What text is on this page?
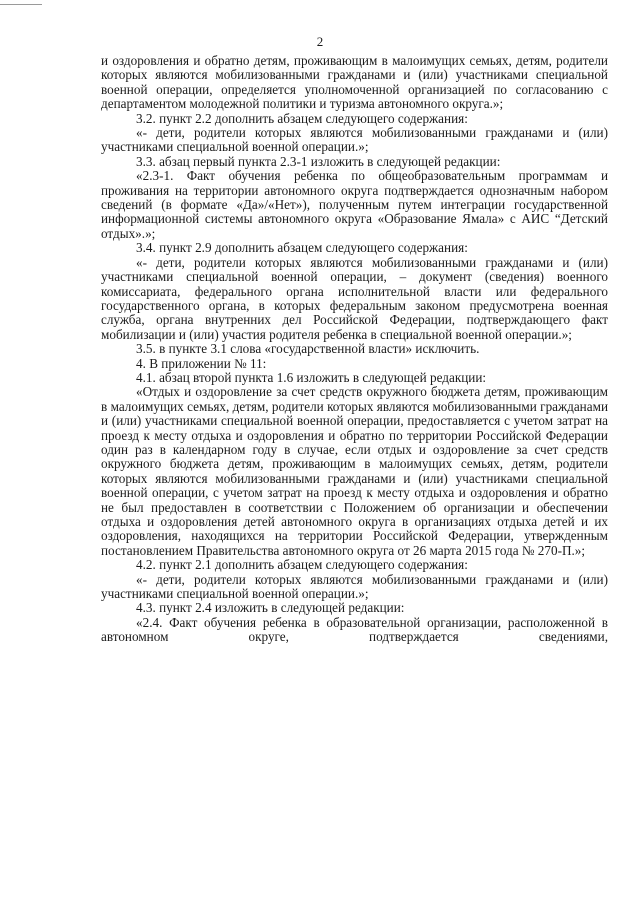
2

и оздоровления и обратно детям, проживающим в малоимущих семьях, детям, родители которых являются мобилизованными гражданами и (или) участниками специальной военной операции, определяется уполномоченной организацией по согласованию с департаментом молодежной политики и туризма автономного округа.»;

3.2. пункт 2.2 дополнить абзацем следующего содержания:

«- дети, родители которых являются мобилизованными гражданами и (или) участниками специальной военной операции.»;

3.3. абзац первый пункта 2.3-1 изложить в следующей редакции:

«2.3-1. Факт обучения ребенка по общеобразовательным программам и проживания на территории автономного округа подтверждается однозначным набором сведений (в формате «Да»/«Нет»), полученным путем интеграции государственной информационной системы автономного округа «Образование Ямала» с АИС “Детский отдых».»;

3.4. пункт 2.9 дополнить абзацем следующего содержания:

«- дети, родители которых являются мобилизованными гражданами и (или) участниками специальной военной операции, – документ (сведения) военного комиссариата, федерального органа исполнительной власти или федерального государственного органа, в которых федеральным законом предусмотрена военная служба, органа внутренних дел Российской Федерации, подтверждающего факт мобилизации и (или) участия родителя ребенка в специальной военной операции.»;

3.5. в пункте 3.1 слова «государственной власти» исключить.

4. В приложении № 11:

4.1. абзац второй пункта 1.6 изложить в следующей редакции:

«Отдых и оздоровление за счет средств окружного бюджета детям, проживающим в малоимущих семьях, детям, родители которых являются мобилизованными гражданами и (или) участниками специальной военной операции, предоставляется с учетом затрат на проезд к месту отдыха и оздоровления и обратно по территории Российской Федерации один раз в календарном году в случае, если отдых и оздоровление за счет средств окружного бюджета детям, проживающим в малоимущих семьях, детям, родители которых являются мобилизованными гражданами и (или) участниками специальной военной операции, с учетом затрат на проезд к месту отдыха и оздоровления и обратно не был предоставлен в соответствии с Положением об организации и обеспечении отдыха и оздоровления детей автономного округа в организациях отдыха детей и их оздоровления, находящихся на территории Российской Федерации, утвержденным постановлением Правительства автономного округа от 26 марта 2015 года № 270-П.»;

4.2. пункт 2.1 дополнить абзацем следующего содержания:

«- дети, родители которых являются мобилизованными гражданами и (или) участниками специальной военной операции.»;

4.3. пункт 2.4 изложить в следующей редакции:

«2.4. Факт обучения ребенка в образовательной организации, расположенной в автономном округе, подтверждается сведениями,
